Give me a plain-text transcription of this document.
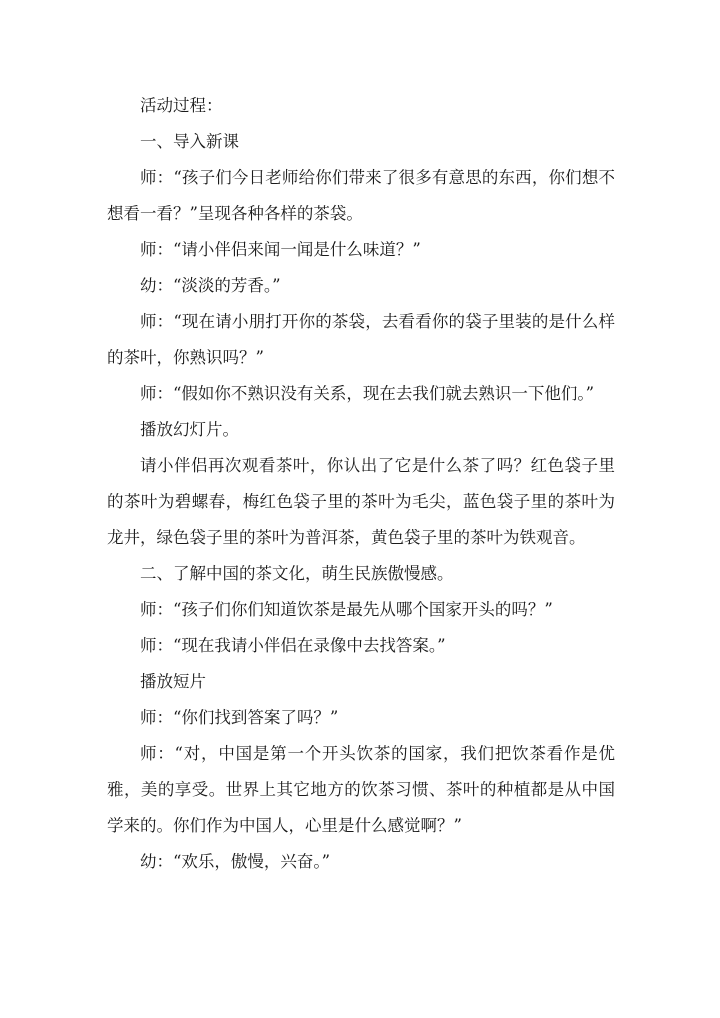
活动过程：

一、导入新课

师：“孩子们今日老师给你们带来了很多有意思的东西，你们想不想看一看？”呈现各种各样的茶袋。

师：“请小伴侣来闻一闻是什么味道？”

幼：“淡淡的芳香。”

师：“现在请小朋打开你的茶袋，去看看你的袋子里装的是什么样的茶叶，你熟识吗？”

师：“假如你不熟识没有关系，现在去我们就去熟识一下他们。”

播放幻灯片。

请小伴侣再次观看茶叶，你认出了它是什么茶了吗？红色袋子里的茶叶为碧螺春，梅红色袋子里的茶叶为毛尖，蓝色袋子里的茶叶为龙井，绿色袋子里的茶叶为普洱茶，黄色袋子里的茶叶为铁观音。

二、了解中国的茶文化，萌生民族傲慢感。

师：“孩子们你们知道饮茶是最先从哪个国家开头的吗？”

师：“现在我请小伴侣在录像中去找答案。”

播放短片

师：“你们找到答案了吗？”

师：“对，中国是第一个开头饮茶的国家，我们把饮茶看作是优雅，美的享受。世界上其它地方的饮茶习惯、茶叶的种植都是从中国学来的。你们作为中国人，心里是什么感觉啊？”

幼：“欢乐，傲慢，兴奋。”
